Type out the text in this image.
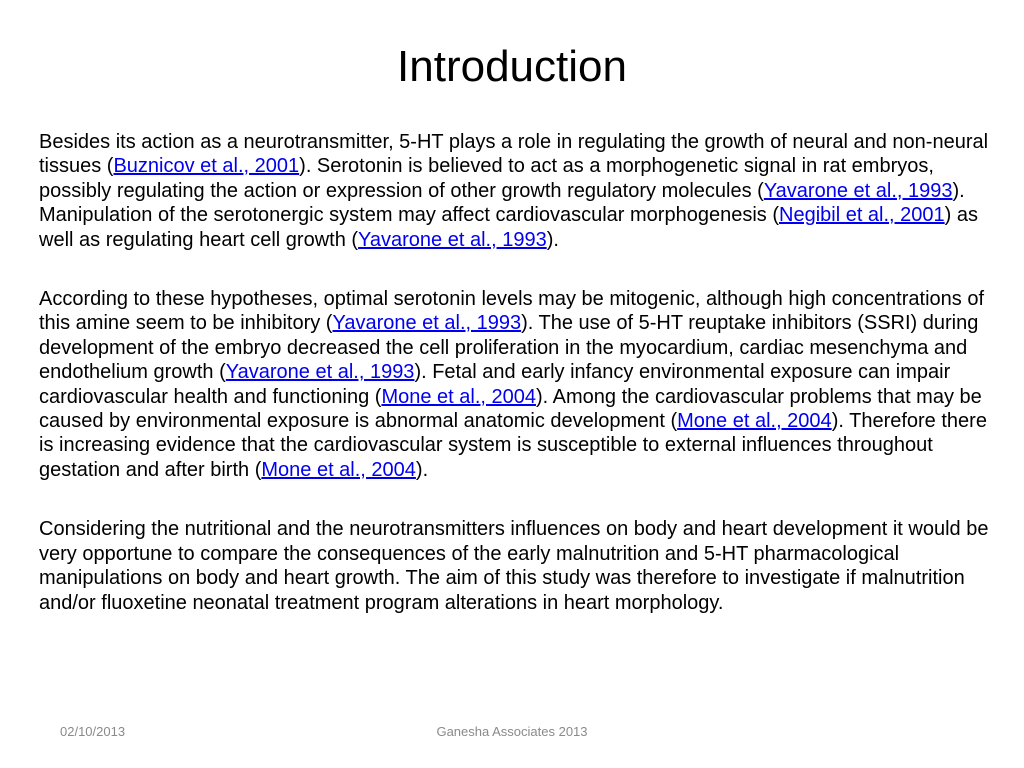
Introduction

Besides its action as a neurotransmitter, 5-HT plays a role in regulating the growth of neural and non-neural tissues (Buznicov et al., 2001). Serotonin is believed to act as a morphogenetic signal in rat embryos, possibly regulating the action or expression of other growth regulatory molecules (Yavarone et al., 1993). Manipulation of the serotonergic system may affect cardiovascular morphogenesis (Negibil et al., 2001) as well as regulating heart cell growth (Yavarone et al., 1993).

According to these hypotheses, optimal serotonin levels may be mitogenic, although high concentrations of this amine seem to be inhibitory (Yavarone et al., 1993). The use of 5-HT reuptake inhibitors (SSRI) during development of the embryo decreased the cell proliferation in the myocardium, cardiac mesenchyma and endothelium growth (Yavarone et al., 1993). Fetal and early infancy environmental exposure can impair cardiovascular health and functioning (Mone et al., 2004). Among the cardiovascular problems that may be caused by environmental exposure is abnormal anatomic development (Mone et al., 2004). Therefore there is increasing evidence that the cardiovascular system is susceptible to external influences throughout gestation and after birth (Mone et al., 2004).

Considering the nutritional and the neurotransmitters influences on body and heart development it would be very opportune to compare the consequences of the early malnutrition and 5-HT pharmacological manipulations on body and heart growth. The aim of this study was therefore to investigate if malnutrition and/or fluoxetine neonatal treatment program alterations in heart morphology.

02/10/2013	Ganesha Associates 2013
